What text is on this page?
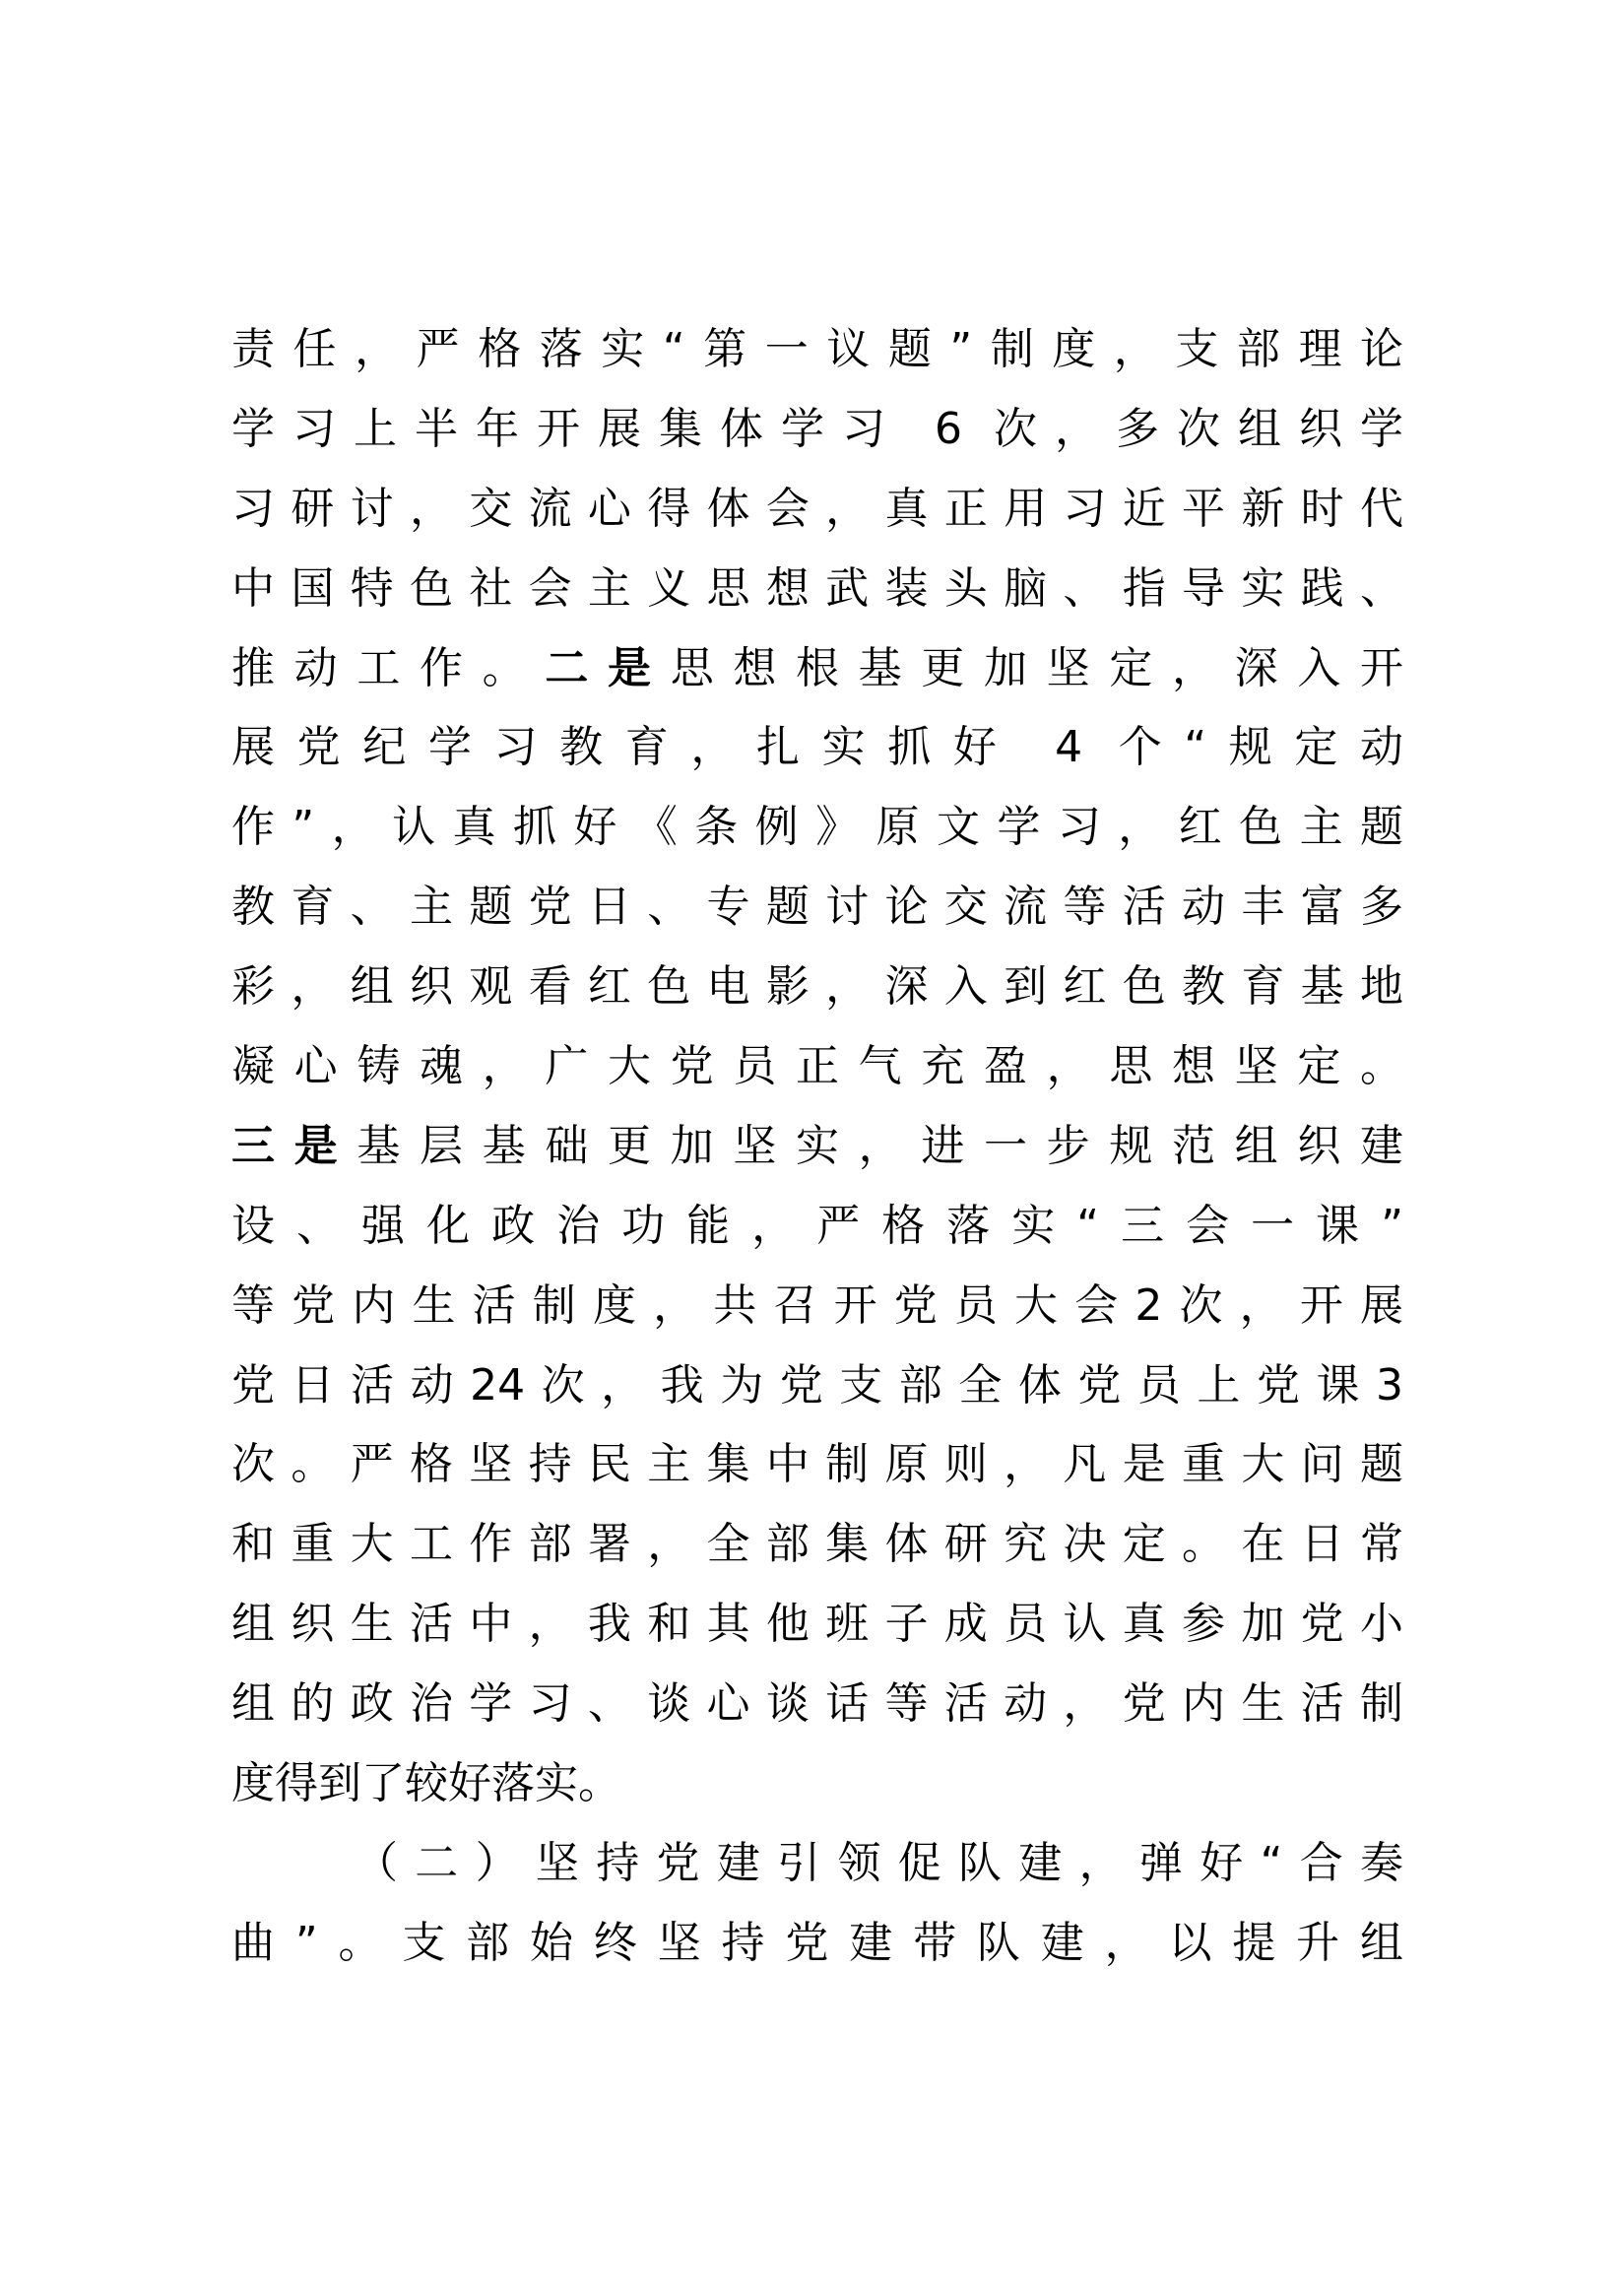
责任，严格落实“第一议题”制度，支部理论
学习上半年开展集体学习 6 次，多次组织学
习研讨，交流心得体会，真正用习近平新时代
中国特色社会主义思想武装头脑、指导实践、
推动工作。二是思想根基更加坚定，深入开
展党纪学习教育，扎实抓好 4 个“规定动
作”，认真抓好《条例》原文学习，红色主题
教育、主题党日、专题讨论交流等活动丰富多
彩，组织观看红色电影，深入到红色教育基地
凝心铸魂，广大党员正气充盈，思想坚定。
三是基层基础更加坚实，进一步规范组织建
设、强化政治功能，严格落实“三会一课”
等党内生活制度，共召开党员大会2次，开展
党日活动24次，我为党支部全体党员上党课3
次。严格坚持民主集中制原则，凡是重大问题
和重大工作部署，全部集体研究决定。在日常
组织生活中，我和其他班子成员认真参加党小
组的政治学习、谈心谈话等活动，党内生活制
度得到了较好落实。
（二）坚持党建引领促队建，弹好“合奏
曲”。支部始终坚持党建带队建，以提升组
